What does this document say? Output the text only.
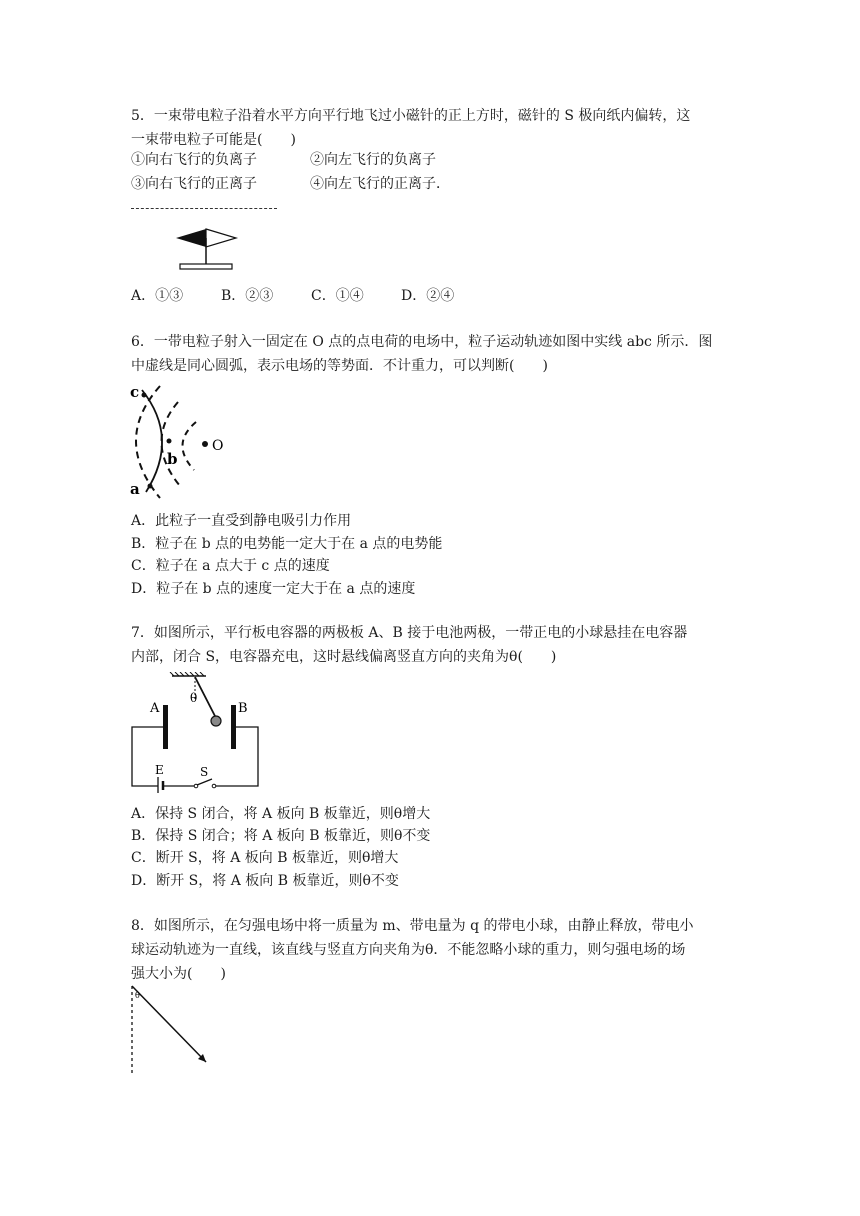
5．一束带电粒子沿着水平方向平行地飞过小磁针的正上方时，磁针的 S 极向纸内偏转，这
一束带电粒子可能是(　　)
①向右飞行的负离子	②向左飞行的负离子
③向右飞行的正离子	④向左飞行的正离子．
A．①③	B．②③	C．①④	D．②④
6．一带电粒子射入一固定在 O 点的点电荷的电场中，粒子运动轨迹如图中实线 abc 所示．图
中虚线是同心圆弧，表示电场的等势面．不计重力，可以判断(　　)
c
b
a
O
A．此粒子一直受到静电吸引力作用
B．粒子在 b 点的电势能一定大于在 a 点的电势能
C．粒子在 a 点大于 c 点的速度
D．粒子在 b 点的速度一定大于在 a 点的速度
7．如图所示，平行板电容器的两极板 A、B 接于电池两极，一带正电的小球悬挂在电容器
内部，闭合 S，电容器充电，这时悬线偏离竖直方向的夹角为θ(　　)
θ
A	B
E	S
A．保持 S 闭合，将 A 板向 B 板靠近，则θ增大
B．保持 S 闭合；将 A 板向 B 板靠近，则θ不变
C．断开 S，将 A 板向 B 板靠近，则θ增大
D．断开 S，将 A 板向 B 板靠近，则θ不变
8．如图所示，在匀强电场中将一质量为 m、带电量为 q 的带电小球，由静止释放，带电小
球运动轨迹为一直线，该直线与竖直方向夹角为θ．不能忽略小球的重力，则匀强电场的场
强大小为(　　)
θ
